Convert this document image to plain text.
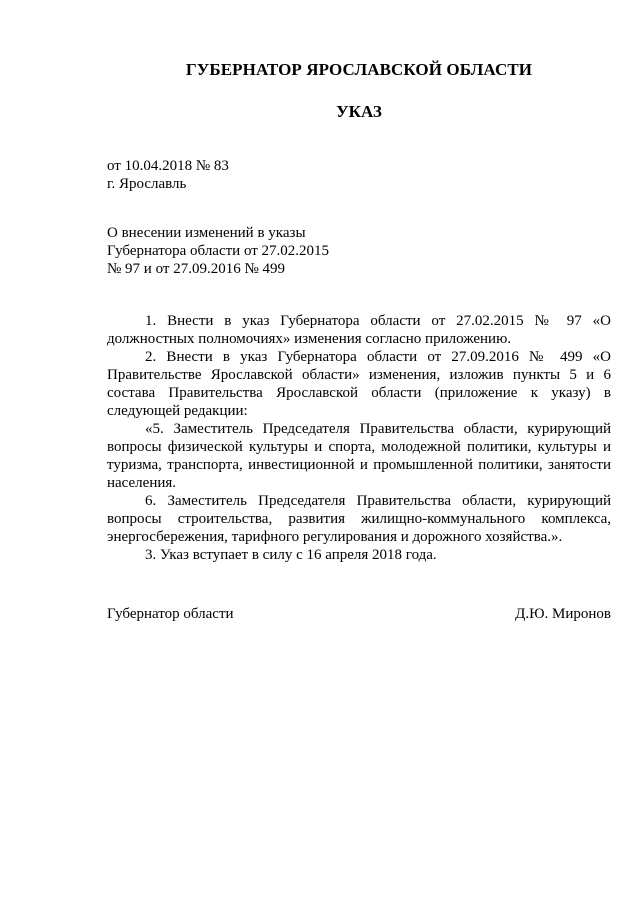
ГУБЕРНАТОР ЯРОСЛАВСКОЙ ОБЛАСТИ
УКАЗ
от 10.04.2018 № 83
г. Ярославль
О внесении изменений в указы
Губернатора области от 27.02.2015
№ 97 и от 27.09.2016 № 499

1. Внести в указ Губернатора области от 27.02.2015 № 97 «О должностных полномочиях» изменения согласно приложению.

2. Внести в указ Губернатора области от 27.09.2016 № 499 «О Правительстве Ярославской области» изменения, изложив пункты 5 и 6 состава Правительства Ярославской области (приложение к указу) в следующей редакции:

«5. Заместитель Председателя Правительства области, курирующий вопросы физической культуры и спорта, молодежной политики, культуры и туризма, транспорта, инвестиционной и промышленной политики, занятости населения.

6. Заместитель Председателя Правительства области, курирующий вопросы строительства, развития жилищно-коммунального комплекса, энергосбережения, тарифного регулирования и дорожного хозяйства.».

3. Указ вступает в силу с 16 апреля 2018 года.

Губернатор области	Д.Ю. Миронов
